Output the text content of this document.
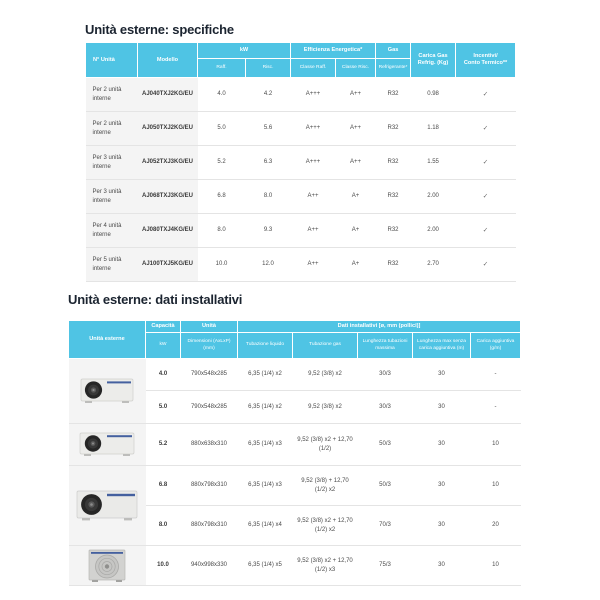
Unità esterne: specifiche
N° Unità	Modello	kW		Efficienza Energetica*		Gas	Carica Gas
Refrig. (Kg)	Incentivi/
Conto Termico**

		Raff.	Risc.	Classe Raff.	Classe Risc.	Refrigerante*		
Per 2 unità interne	AJ040TXJ2KG/EU	4.0	4.2	A+++	A++	R32	0.98	✓
Per 2 unità interne	AJ050TXJ2KG/EU	5.0	5.6	A+++	A++	R32	1.18	✓
Per 3 unità interne	AJ052TXJ3KG/EU	5.2	6.3	A+++	A++	R32	1.55	✓
Per 3 unità interne	AJ068TXJ3KG/EU	6.8	8.0	A++	A+	R32	2.00	✓
Per 4 unità interne	AJ080TXJ4KG/EU	8.0	9.3	A++	A+	R32	2.00	✓
Per 5 unità interne	AJ100TXJ5KG/EU	10.0	12.0	A++	A+	R32	2.70	✓
Unità esterne: dati installativi
Unità esterne	Capacità	Unità	Dati installativi [ø, mm (pollici)]				
	kW	Dimensioni (AxLxP) (mm)	Tubazione liquido	Tubazione gas	Lunghezza tubazioni massima	Lunghezza max senza carica aggiuntiva (m)	Carica aggiuntiva (g/m)

	4.0	790x548x285	6,35 (1/4) x2	9,52 (3/8) x2	30/3	30	-
	5.0	790x548x285	6,35 (1/4) x2	9,52 (3/8) x2	30/3	30	-

	5.2	880x638x310	6,35 (1/4) x3	9,52 (3/8) x2 + 12,70 (1/2)	50/3	30	10

	6.8	880x798x310	6,35 (1/4) x3	9,52 (3/8) + 12,70 (1/2) x2	50/3	30	10
	8.0	880x798x310	6,35 (1/4) x4	9,52 (3/8) x2 + 12,70 (1/2) x2	70/3	30	20

	10.0	940x998x330	6,35 (1/4) x5	9,52 (3/8) x2 + 12,70 (1/2) x3	75/3	30	10
